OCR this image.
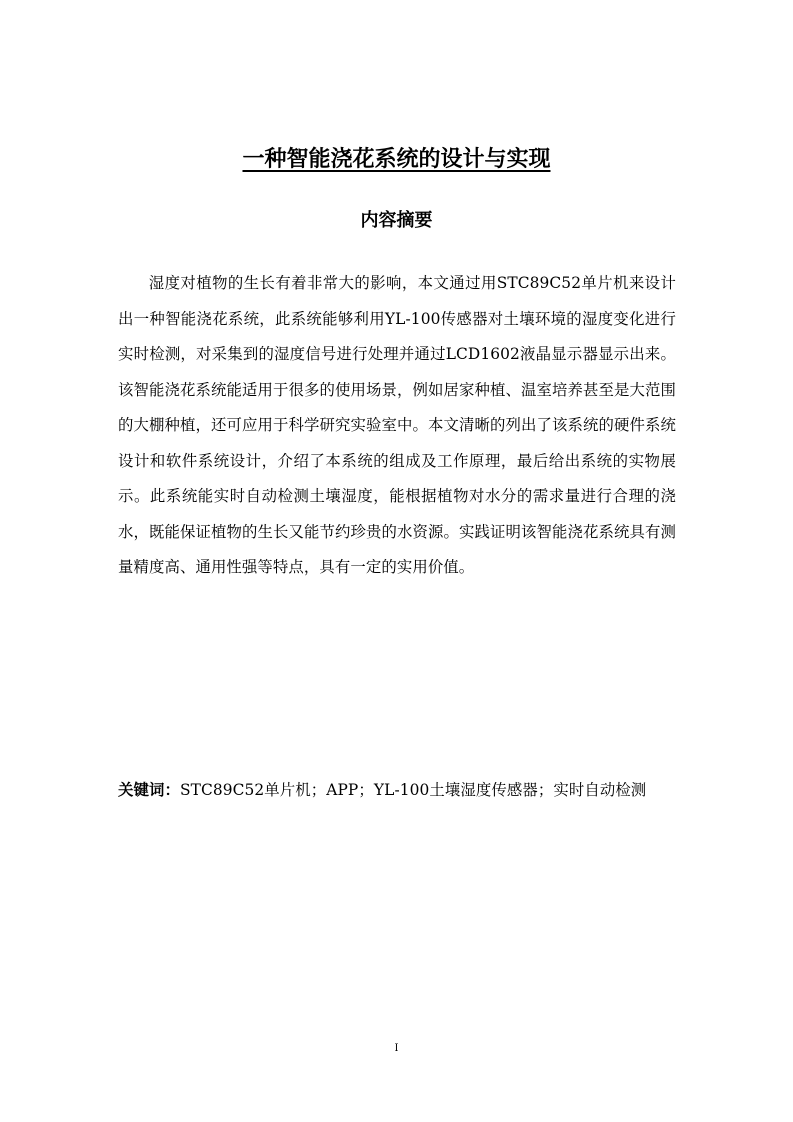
一种智能浇花系统的设计与实现
内容摘要

湿度对植物的生长有着非常大的影响，本文通过用STC89C52单片机来设计出一种智能浇花系统，此系统能够利用YL-100传感器对土壤环境的湿度变化进行实时检测，对采集到的湿度信号进行处理并通过LCD1602液晶显示器显示出来。该智能浇花系统能适用于很多的使用场景，例如居家种植、温室培养甚至是大范围的大棚种植，还可应用于科学研究实验室中。本文清晰的列出了该系统的硬件系统设计和软件系统设计，介绍了本系统的组成及工作原理，最后给出系统的实物展示。此系统能实时自动检测土壤湿度，能根据植物对水分的需求量进行合理的浇水，既能保证植物的生长又能节约珍贵的水资源。实践证明该智能浇花系统具有测量精度高、通用性强等特点，具有一定的实用价值。

关键词：STC89C52单片机；APP；YL-100土壤湿度传感器；实时自动检测

I
